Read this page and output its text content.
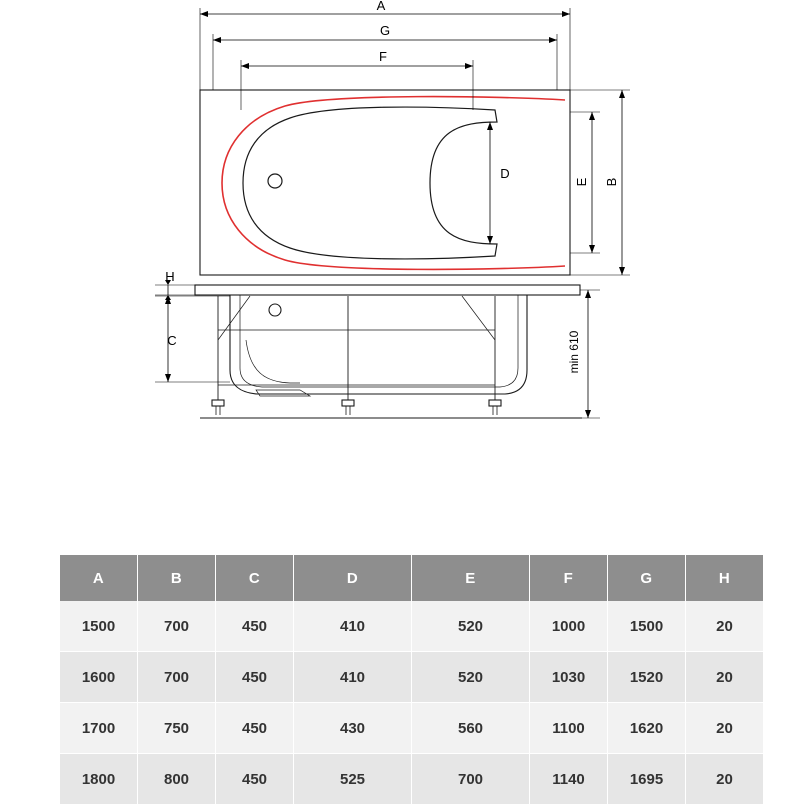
A
G
F
D
E B
H
C	min 610
A	B	C	D	E	F	G	H
1500	700	450	410	520	1000	1500	20
1600	700	450	410	520	1030	1520	20
1700	750	450	430	560	1100	1620	20
1800	800	450	525	700	1140	1695	20
